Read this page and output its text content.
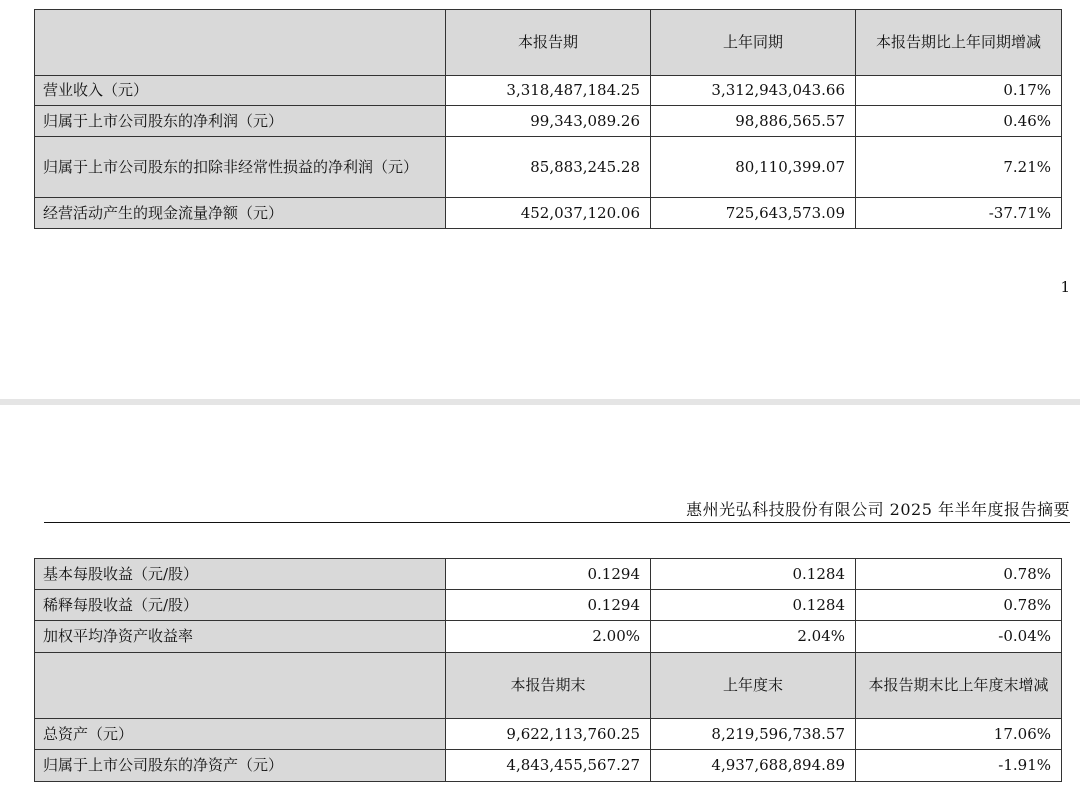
	本报告期	上年同期	本报告期比上年同期增减
营业收入（元）	3,318,487,184.25	3,312,943,043.66	0.17%
归属于上市公司股东的净利润（元）	99,343,089.26	98,886,565.57	0.46%
归属于上市公司股东的扣除非经常性损益的净利润（元）	85,883,245.28	80,110,399.07	7.21%
经营活动产生的现金流量净额（元）	452,037,120.06	725,643,573.09	-37.71%
1
惠州光弘科技股份有限公司 2025 年半年度报告摘要
基本每股收益（元/股）	0.1294	0.1284	0.78%
稀释每股收益（元/股）	0.1294	0.1284	0.78%
加权平均净资产收益率	2.00%	2.04%	-0.04%
	本报告期末	上年度末	本报告期末比上年度末增减
总资产（元）	9,622,113,760.25	8,219,596,738.57	17.06%
归属于上市公司股东的净资产（元）	4,843,455,567.27	4,937,688,894.89	-1.91%
